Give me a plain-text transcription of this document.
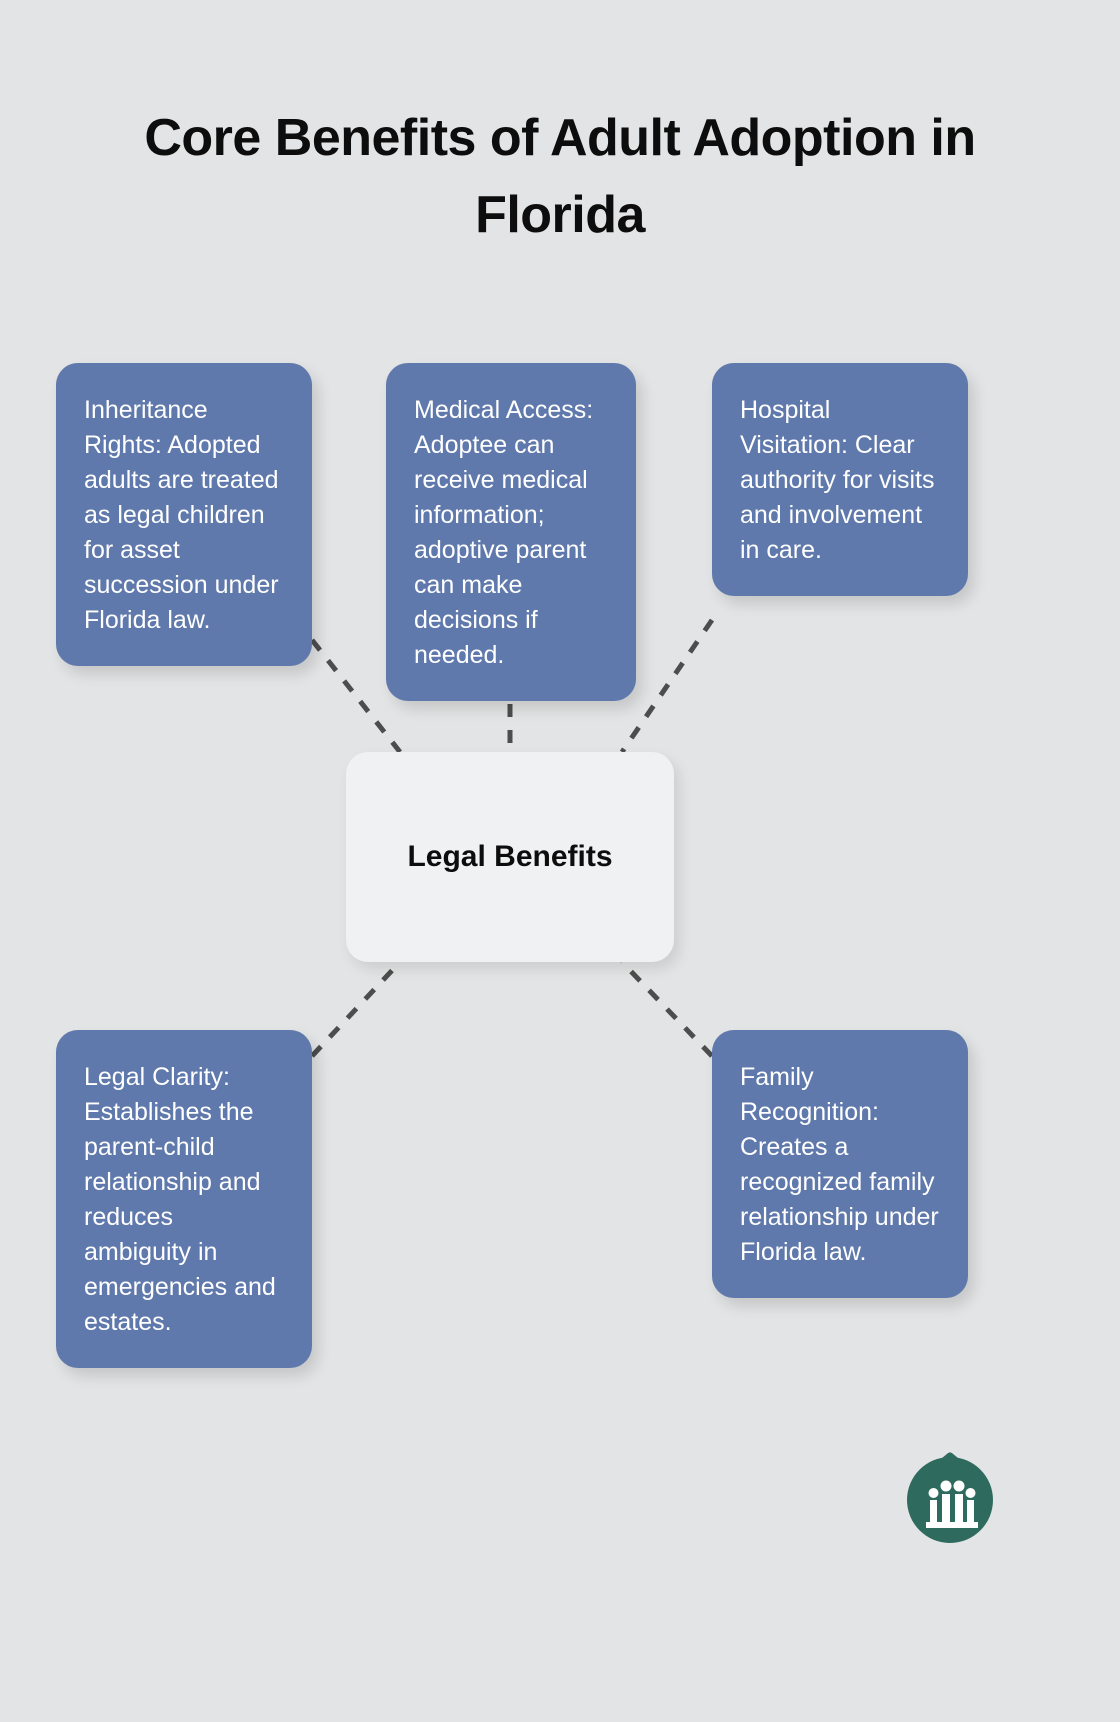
Core Benefits of Adult Adoption in Florida
Inheritance Rights: Adopted adults are treated as legal children for asset succession under Florida law.
Medical Access: Adoptee can receive medical information; adoptive parent can make decisions if needed.
Hospital Visitation: Clear authority for visits and involvement in care.
Legal Clarity: Establishes the parent-child relationship and reduces ambiguity in emergencies and estates.
Family Recognition: Creates a recognized family relationship under Florida law.
Legal Benefits
